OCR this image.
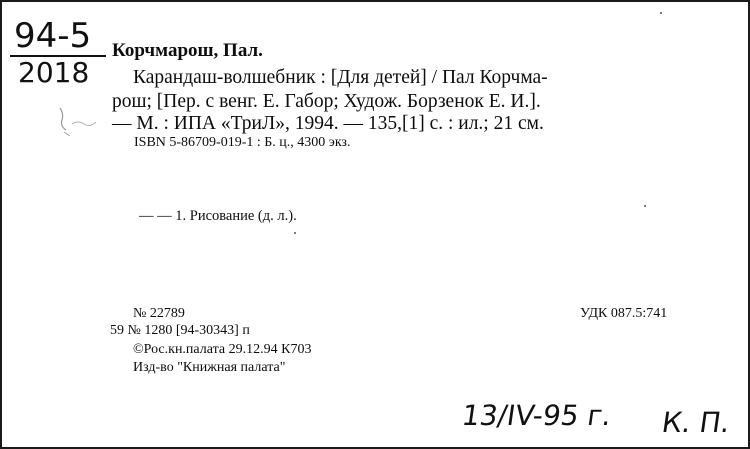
94-5
2018
Корчмарош, Пал.
Карандаш-волшебник : [Для детей] / Пал Корчма-
рош; [Пер. с венг. Е. Габор; Худож. Борзенок Е. И.].
— М. : ИПА «ТриЛ», 1994. — 135,[1] с. : ил.; 21 см.
ISBN 5-86709-019-1 : Б. ц., 4300 экз.
— — 1. Рисование (д. л.).
№ 22789
59 № 1280 [94-30343] п
©Рос.кн.палата 29.12.94 К703
Изд-во "Книжная палата"
УДК 087.5:741
13/IV-95 г. К. П.
